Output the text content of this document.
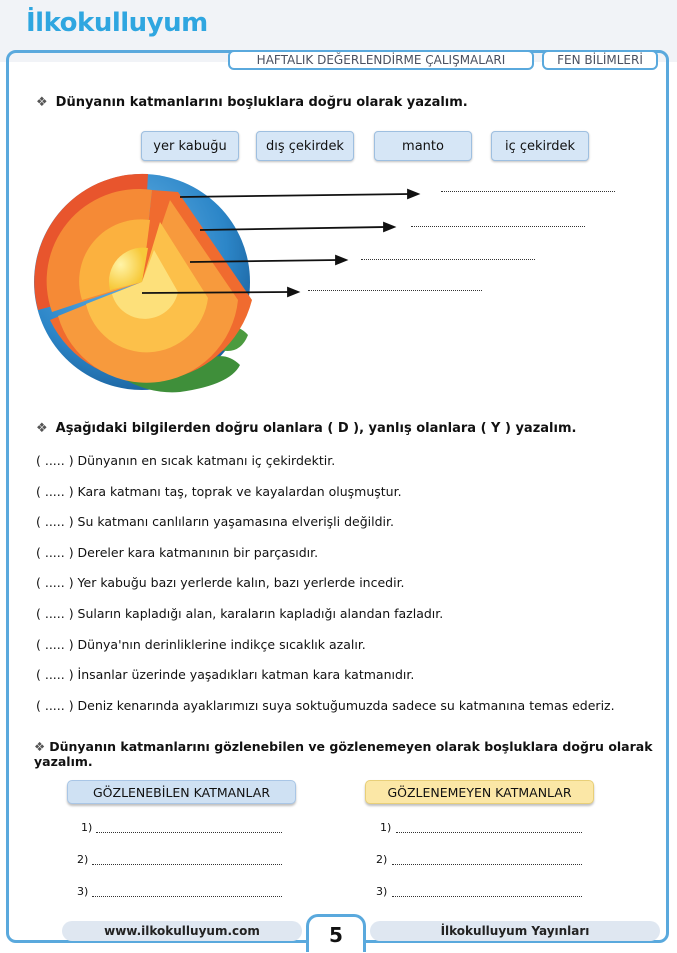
İlkokulluyum
HAFTALIK DEĞERLENDİRME ÇALIŞMALARI	FEN BİLİMLERİ
❖ Dünyanın katmanlarını boşluklara doğru olarak yazalım.
yer kabuğu	dış çekirdek	manto	iç çekirdek
❖ Aşağıdaki bilgilerden doğru olanlara ( D ), yanlış olanlara ( Y ) yazalım.
( ..... ) Dünyanın en sıcak katmanı iç çekirdektir.
( ..... ) Kara katmanı taş, toprak ve kayalardan oluşmuştur.
( ..... ) Su katmanı canlıların yaşamasına elverişli değildir.
( ..... ) Dereler kara katmanının bir parçasıdır.
( ..... ) Yer kabuğu bazı yerlerde kalın, bazı yerlerde incedir.
( ..... ) Suların kapladığı alan, karaların kapladığı alandan fazladır.
( ..... ) Dünya'nın derinliklerine indikçe sıcaklık azalır.
( ..... ) İnsanlar üzerinde yaşadıkları katman kara katmanıdır.
( ..... ) Deniz kenarında ayaklarımızı suya soktuğumuzda sadece su katmanına temas ederiz.
❖ Dünyanın katmanlarını gözlenebilen ve gözlenemeyen olarak boşluklara doğru olarak yazalım.
GÖZLENEBİLEN KATMANLAR	GÖZLENEMEYEN KATMANLAR
1)
2)
3)
1)
2)
3)
www.ilkokulluyum.com	İlkokulluyum Yayınları
5
